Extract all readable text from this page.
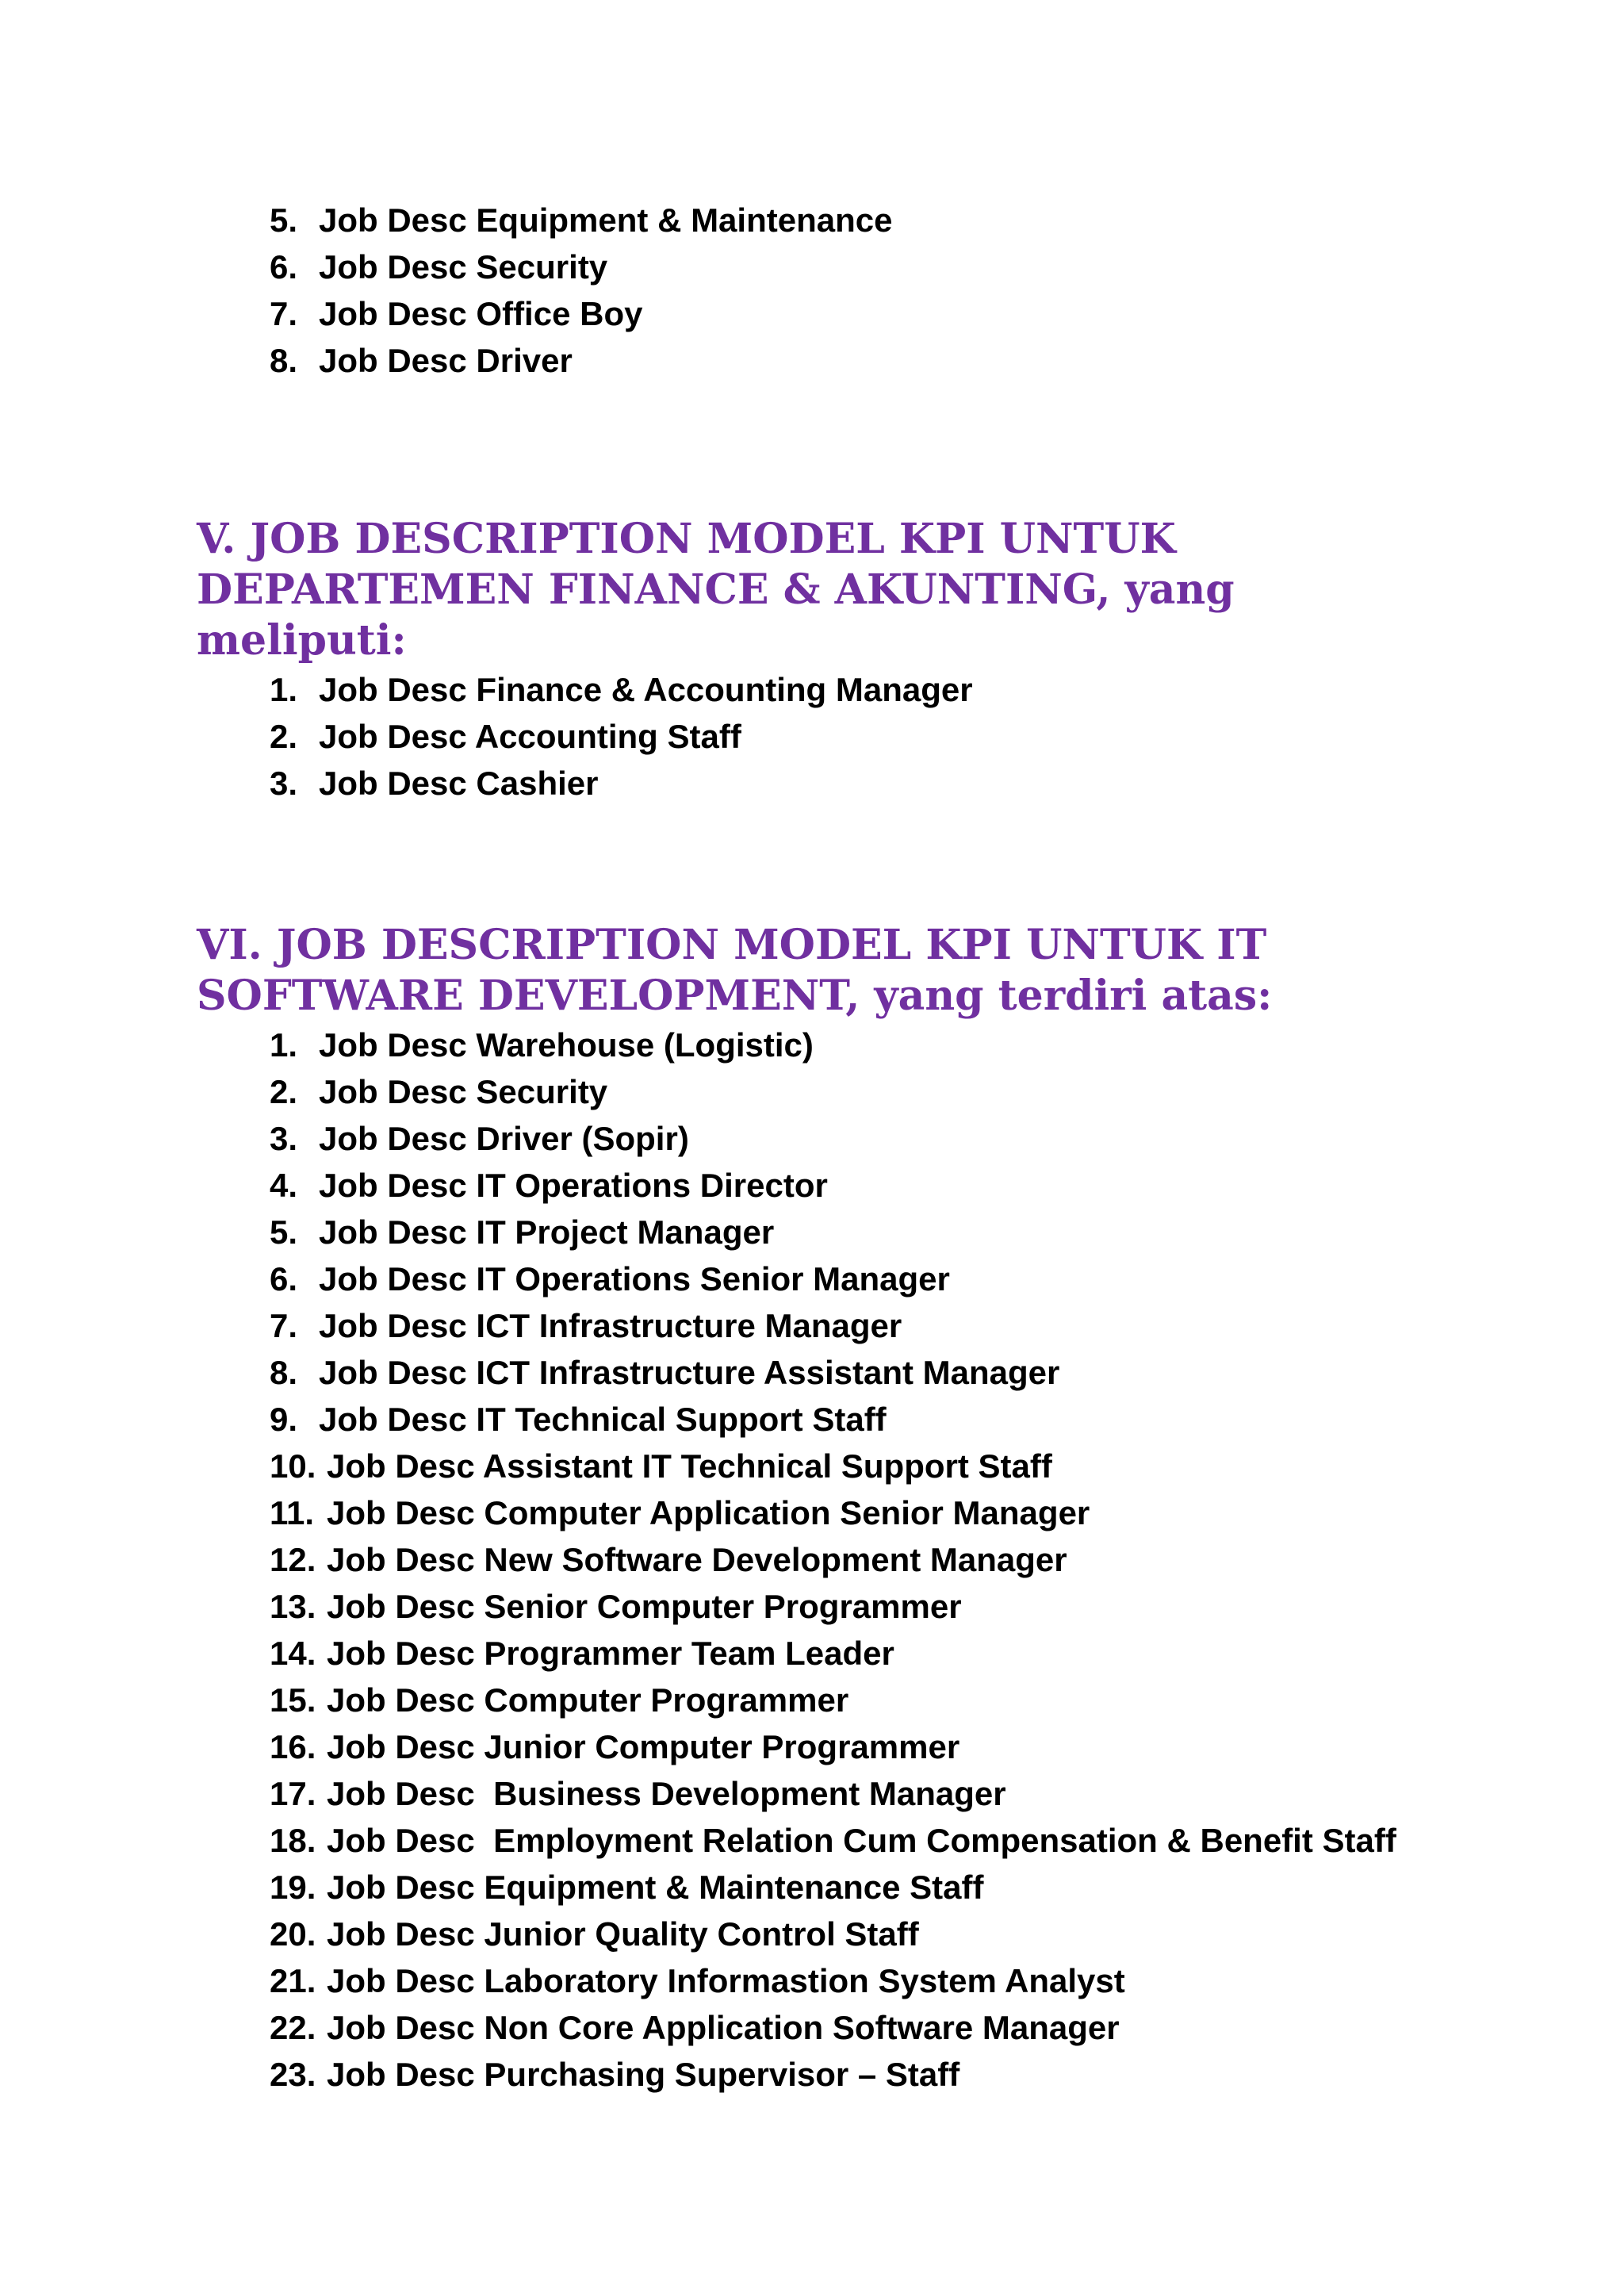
5. Job Desc Equipment & Maintenance
6. Job Desc Security
7. Job Desc Office Boy
8. Job Desc Driver
V. JOB DESCRIPTION MODEL KPI UNTUK
DEPARTEMEN FINANCE & AKUNTING, yang
meliputi:
1. Job Desc Finance & Accounting Manager
2. Job Desc Accounting Staff
3. Job Desc Cashier
VI. JOB DESCRIPTION MODEL KPI UNTUK IT
SOFTWARE DEVELOPMENT, yang terdiri atas:
1. Job Desc Warehouse (Logistic)
2. Job Desc Security
3. Job Desc Driver (Sopir)
4. Job Desc IT Operations Director
5. Job Desc IT Project Manager
6. Job Desc IT Operations Senior Manager
7. Job Desc ICT Infrastructure Manager
8. Job Desc ICT Infrastructure Assistant Manager
9. Job Desc IT Technical Support Staff
10. Job Desc Assistant IT Technical Support Staff
11. Job Desc Computer Application Senior Manager
12. Job Desc New Software Development Manager
13. Job Desc Senior Computer Programmer
14. Job Desc Programmer Team Leader
15. Job Desc Computer Programmer
16. Job Desc Junior Computer Programmer
17. Job Desc  Business Development Manager
18. Job Desc  Employment Relation Cum Compensation & Benefit Staff
19. Job Desc Equipment & Maintenance Staff
20. Job Desc Junior Quality Control Staff
21. Job Desc Laboratory Informastion System Analyst
22. Job Desc Non Core Application Software Manager
23. Job Desc Purchasing Supervisor – Staff
